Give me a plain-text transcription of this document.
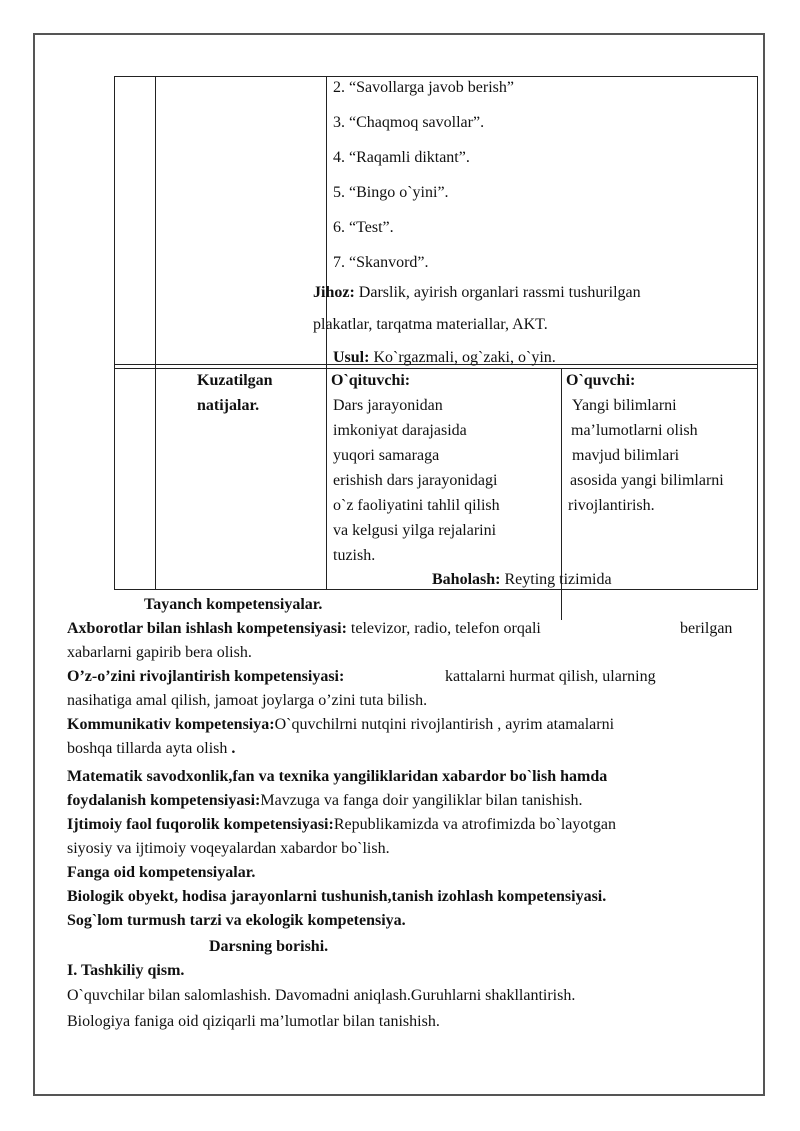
2. “Savollarga javob berish”
3. “Chaqmoq savollar”.
4. “Raqamli diktant”.
5. “Bingo o`yini”.
6. “Test”.
7. “Skanvord”.
Jihoz: Darslik, ayirish organlari rassmi tushurilgan
plakatlar, tarqatma materiallar, AKT.
Usul: Ko`rgazmali, og`zaki, o`yin.
Kuzatilgan
natijalar.
O`qituvchi:
Dars jarayonidan
imkoniyat darajasida
yuqori samaraga
erishish dars jarayonidagi
o`z faoliyatini tahlil qilish
va kelgusi yilga rejalarini
tuzish.
O`quvchi:
Yangi bilimlarni
ma’lumotlarni olish
mavjud bilimlari
asosida yangi bilimlarni
rivojlantirish.
Baholash: Reyting tizimida
Tayanch kompetensiyalar.
Axborotlar bilan ishlash kompetensiyasi: televizor, radio, telefon orqali	berilgan
xabarlarni gapirib bera olish.
O’z-o’zini rivojlantirish kompetensiyasi:	kattalarni hurmat qilish, ularning
nasihatiga amal qilish, jamoat joylarga o’zini tuta bilish.
Kommunikativ kompetensiya:O`quvchilrni nutqini rivojlantirish , ayrim atamalarni
boshqa tillarda ayta olish .
Matematik savodxonlik,fan va texnika yangiliklaridan xabardor bo`lish hamda
foydalanish kompetensiyasi:Mavzuga va fanga doir yangiliklar bilan tanishish.
Ijtimoiy faol fuqorolik kompetensiyasi:Republikamizda va atrofimizda bo`layotgan
siyosiy va ijtimoiy voqeyalardan xabardor bo`lish.
Fanga oid kompetensiyalar.
Biologik obyekt, hodisa jarayonlarni tushunish,tanish izohlash kompetensiyasi.
Sog`lom turmush tarzi va ekologik kompetensiya.
Darsning borishi.
I. Tashkiliy qism.
O`quvchilar bilan salomlashish. Davomadni aniqlash.Guruhlarni shakllantirish.
Biologiya faniga oid qiziqarli ma’lumotlar bilan tanishish.
